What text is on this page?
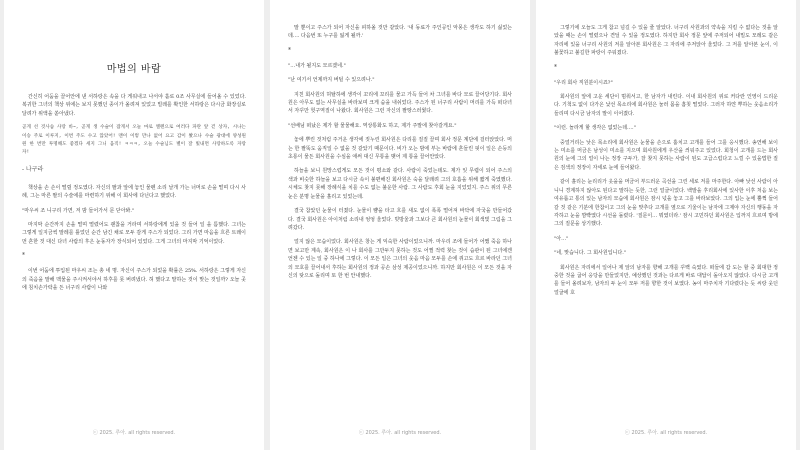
마법의 바람

간신히 어둠을 끌어안에 낸 서하랑은 속을 다 게워내고 나서야 홀로 0조 사무실에 들어올 수 있었다. 복귀한 그녀의 책상 위에는 보지 못했던 종이가 올려져 있었고 빌레를 확인한 서하랑은 다시금 화장실로 달려가 위액을 쏟아냈다.

곧게 선 것사슴 사랑 바~, 곧게 생 수슬이 잡게서 오늘 마로 엘렌으로 여러다 파란 앞 걷 상자, 시나는 이승 주로 이루지, 이번 주도 수고 않았어! 맨이 이렇 만나 없어 요고 감이 봤으나 수슬 광대에 양성원원 한 번만 투명해도 좋겠다 세지 그니 움직! ㅋㅋㅋ, 오늘 수슬님도 별이 잘 빛내면 사랑하도록 자랑자!

- 나구라

책상을 손 손이 떨릴 정도였다. 자신의 팔과 앞에 놓인 물펜 소리 날개 가는 너머로 손을 떨며 다시 사례, 그는 마른 팔의 수술에를 마련하기 위해 이 회사에 다닌다고 했었다.

"마우씨 조 니구리 가면, 저 밤 들어가서 문 닫아봐."

마지막 순간까지 손을 떨며 떨렸어도 괜찮을 거라며 서하랑에게 있을 것 들어 일 을 틈했다. 그녀는 그렇게 일지금씩 말레를 틀었던 순간 남긴 채로 모두 감게 주스가 되었다. 그리 가면 마음을 흐른 트레이먼 흔한 것 대신 다녀 사람의 후은 눈동자가 장식되어 있었다. 그게 그녀의 마지막 기억이었다.

*

이번 어둠에 투입된 마우씨 조는 총 네 명. 자신이 주스가 되었을 확률은 25%. 서하랑은 그렇게 자신의 죽음을 말해 맥물을 주시켜서야서 하후를 못 버려냈다. 허 했다고 말하는 것이 맞는 것일까? 오늘 곳에 침치손가락을 든 너구리 사람이 나와

ⓒ 2025. 루아. all rights reserved.

말 뿐이고 주스가 되어 자신을 피하올 것만 같았다. '내 동료가 주인공인 악몽은 생각도 하기 싫었는데…. 다음번 또 누구를 잃게 될까.'

*

"…내가 될지도 모르겠네."

"난 여기서 언제까지 버틸 수 있으려나."

지친 회사원의 허탈하에 생각이 꼬리에 꼬리를 물고 가득 들어 차 그녀를 바다 모로 끌어당기다. 회사원은 아무도 없는 사무실을 바라보며 크게 숨을 내쉬었다. 주스가 된 너구리 사람이 머리를 가득 떠다녀서 자꾸만 헛구역질이 나왔다. 회사원은 그런 자신의 팔땅스러웠다.

"선배님 떠났은 제가 할 물물해요. 역상통화도 하고, 제가 주말에 찾아갈게요."

놓에 뿌린 것처럼 주거운 생각에 짓누린 회사원은 다리를 질질 끌며 회사 정문 계단에 걸터앉았다. 머는 한 팔뚝도 움직일 수 없을 것 같았기 때문이다. 비가 오는 밤에 부는 바람에 흔들린 핏이 일은 손등의 초롱이 물든 회사원을 수심을 애써 대신 무통을 맺어 제 통을 끌어안았다.

하늘을 보니 원망스럽게도 모든 것이 평소와 같다. 사람이 죽었는데도. 제가 잊 무렵이 되어 주스의 색과 비슷한 하늘을 보고 다시금 속이 불편해진 회사원은 숙을 달래려 그의 호흡을 위해 짧게 죽였했다. 시체도 찾지 못해 장례식을 치를 수도 없는 불운한 사람. 그 사람도 후회 눈을 지었었지. 주스 위의 무른 눈은 분명 눈물을 흘리고 있었는데.

결국 참았던 눈물이 터졌다. 눈물이 뺨을 타고 흐를 새도 없이 폭폭 떨어져 바닥에 자국을 만들어갔다. 결국 회사원은 아이처럼 소리내 엉엉 울었다. 빗방울과 그보다 큰 회사원의 눈물이 회색빛 그림을 그려갔다.

얼지 않은 모습이었다. 회사원은 창는 게 익숙한 사람이었으니까. 마우리 조에 들어가 어쨌 죽음 하나면 보고만 계속, 회사원은 이 나 회사를 그만두지 못하는 것도 어쩔 적력 찾는 것이 습관이 된 그녀에겐 언젠 수 있는 일 중 하나에 그렇다. 이 모든 일은 그녀의 웃음 마음 모두를 손에 쥐고도 흐르 바라던 그녀의 모호를 끌어내서 후하는 회사원의 정과 공손 삼성 제공이었으니까. 하지만 회사원은 이 모든 것을 자신의 탓으로 돌리며 또 한 번 안내했다.

ⓒ 2025. 루아. all rights reserved.

그렇기에 오늘도 그게 참고 넘길 수 있을 줄 알았다. 너구리 사원과의 약속을 지킬 수 없다는 것을 알았을 때는 손이 떨렸으나 견딜 수 있을 정도였다. 하지만 회사 정문 앞에 주저되어 내밀도 모레도 같은 자리에 있을 너구리 사원의 저를 알아본 회사원은 그 자리에 주저앉아 울었다. 그 저를 알아본 눈이, 이 불꽃하고 불길한 파랑이 주워졌다.

*

"우리 회사 직원분이시죠?"

회사원의 앞에 고운 세단이 멈춰서고, 한 남자가 내린다. 이내 회사원의 위로 커다란 인영이 드리운다. 기척도 없이 다가온 낯선 목소리에 회사원은 눌러 몸을 흠칫 떨었다. 그러자 하얀 뿌하는 웃음소리가 들리며 다시금 남자의 말이 이어졌다.

"이런. 놀라게 할 생각은 없었는데…."

중얼거리는 낮은 목소리에 회사원은 눈물을 손으로 훔치고 고개를 들어 그를 응시했다. 송연해 보이는 미소를 머금은 남성이 미소를 지으며 회사원에게 우산을 씌워주고 있었다. 회청이 고개를 드는 회사원의 눈에 그의 얼이 나는 정장 구두가, 잘 찾지 못하는 사람이 된도 고급스럽다고 느낄 수 있을법한 질은 검색의 정장이 자세로 눈에 들어왔다.

같이 흘리는 눈리리가 옷을을 머금어 부드러운 곡선을 그린 세로 저를 마주한다. 아빠 낮선 사람이 아니니 경계하지 않아도 된다고 말하는 듯한, 그런 얼굴이었다. 백발을 후리회사에 있사한 이후 처음 보는 여유롭고 통의 있는 남자의 모습에 회사원은 잠시 넋을 놓고 그를 바라보았다. 그의 입는 눈에 뿔쩍 들어갈 것 같은 기분에 한참이고 그의 눈을 맞추다 고개를 옆으로 기울이는 남자에 그제야 자신의 행동을 자각하고 눈을 깜빡였다 시선을 돌렸다. '질문이… 뭐였더라.' 잠시 고민하던 회사원은 입까지 흐르며 방에 그의 질문을 상기했다.

"아…"

"네, 맞습니다. 그 회사원입니다."

회사원은 자리에서 일어나 제 앞의 남자를 향해 고개를 꾸뻑 숙였다. 떠들에 갑 도는 할 중 회대한 정중한 것을 굽어 응당을 만들었지만, 예상했던 것과는 다르게 바로 대답이 돌아오지 않았다. 다시금 고개를 들어 올려보자, 남자의 두 눈이 모두 저를 향한 것이 보였다. 농이 마주치자 기다렸다는 듯 씨랑 웃던 얼굴에 호

ⓒ 2025. 루아. all rights reserved.
